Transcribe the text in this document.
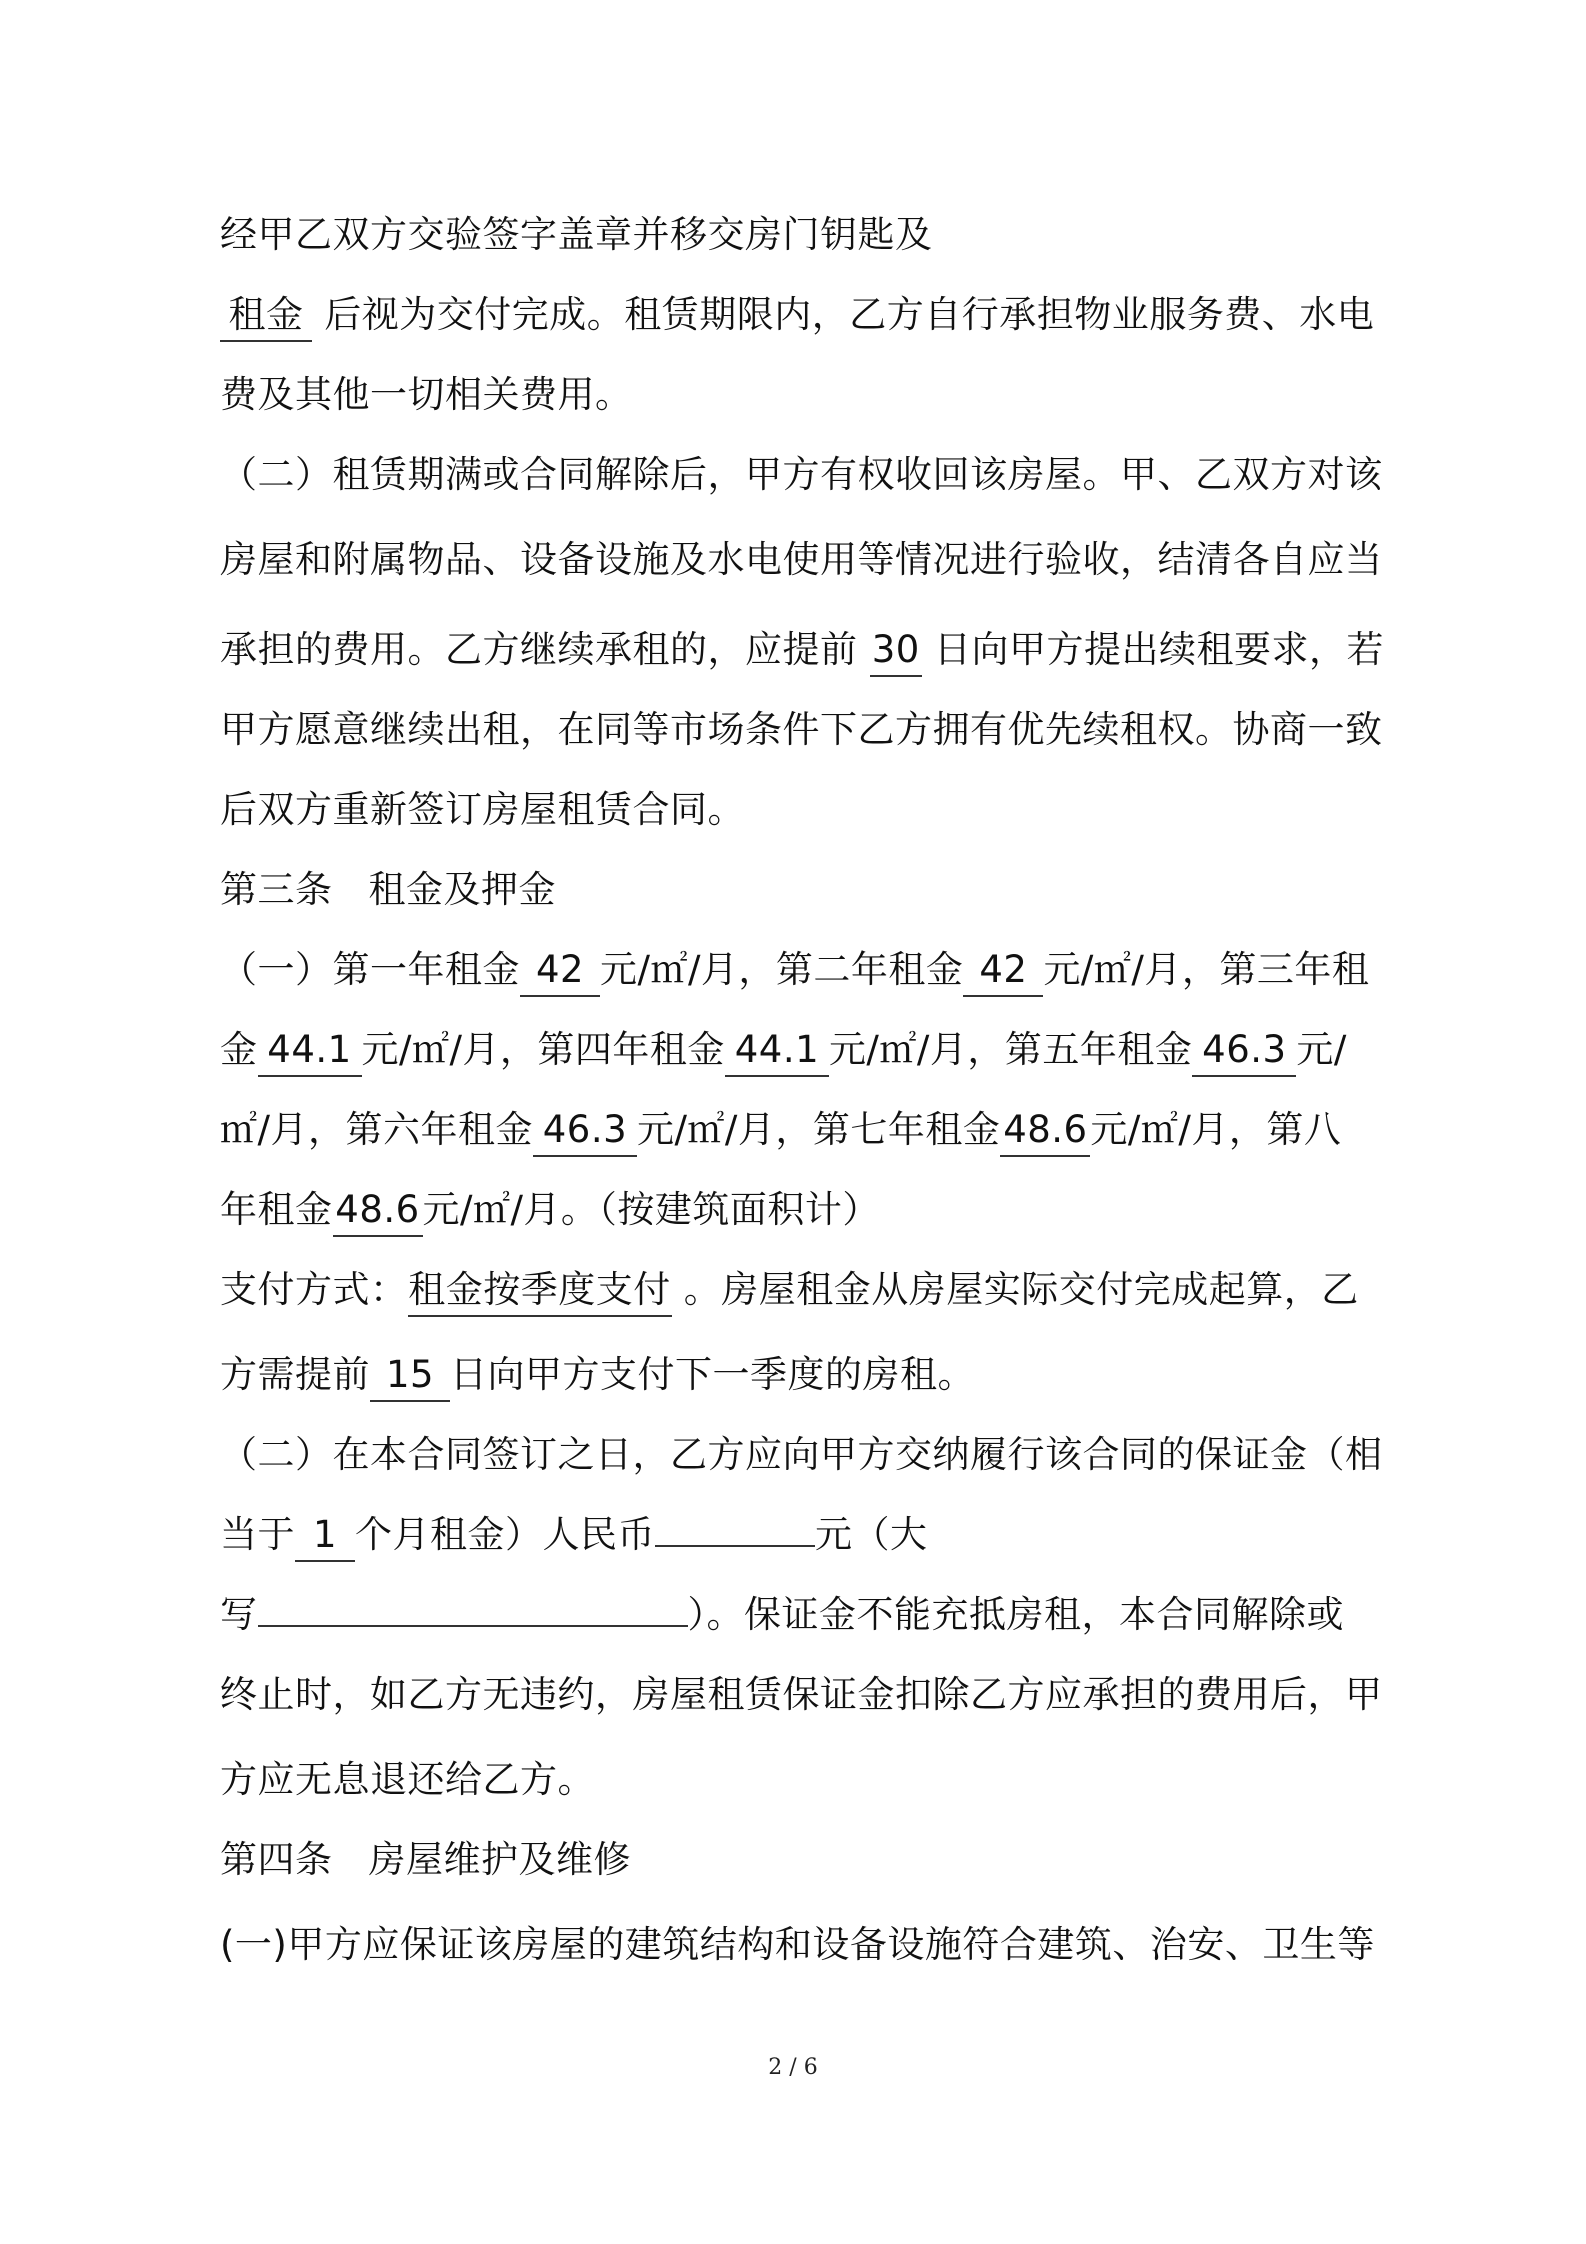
经甲乙双方交验签字盖章并移交房门钥匙及
租金 后视为交付完成。租赁期限内，乙方自行承担物业服务费、水电
费及其他一切相关费用。
（二）租赁期满或合同解除后，甲方有权收回该房屋。甲、乙双方对该
房屋和附属物品、设备设施及水电使用等情况进行验收，结清各自应当
承担的费用。乙方继续承租的，应提前 30 日向甲方提出续租要求，若
甲方愿意继续出租，在同等市场条件下乙方拥有优先续租权。协商一致
后双方重新签订房屋租赁合同。
第三条 租金及押金
（一）第一年租金 42 元/㎡/月，第二年租金 42 元/㎡/月，第三年租
金 44.1 元/㎡/月，第四年租金 44.1 元/㎡/月，第五年租金 46.3 元/
㎡/月，第六年租金 46.3 元/㎡/月，第七年租金48.6元/㎡/月，第八
年租金48.6元/㎡/月。（按建筑面积计）
支付方式：租金按季度支付 。房屋租金从房屋实际交付完成起算，乙
方需提前 15 日向甲方支付下一季度的房租。
（二）在本合同签订之日，乙方应向甲方交纳履行该合同的保证金（相
当于 1 个月租金）人民币	元（大
写	）。保证金不能充抵房租，本合同解除或
终止时，如乙方无违约，房屋租赁保证金扣除乙方应承担的费用后，甲
方应无息退还给乙方。
第四条 房屋维护及维修
(一)甲方应保证该房屋的建筑结构和设备设施符合建筑、治安、卫生等
2 / 6
